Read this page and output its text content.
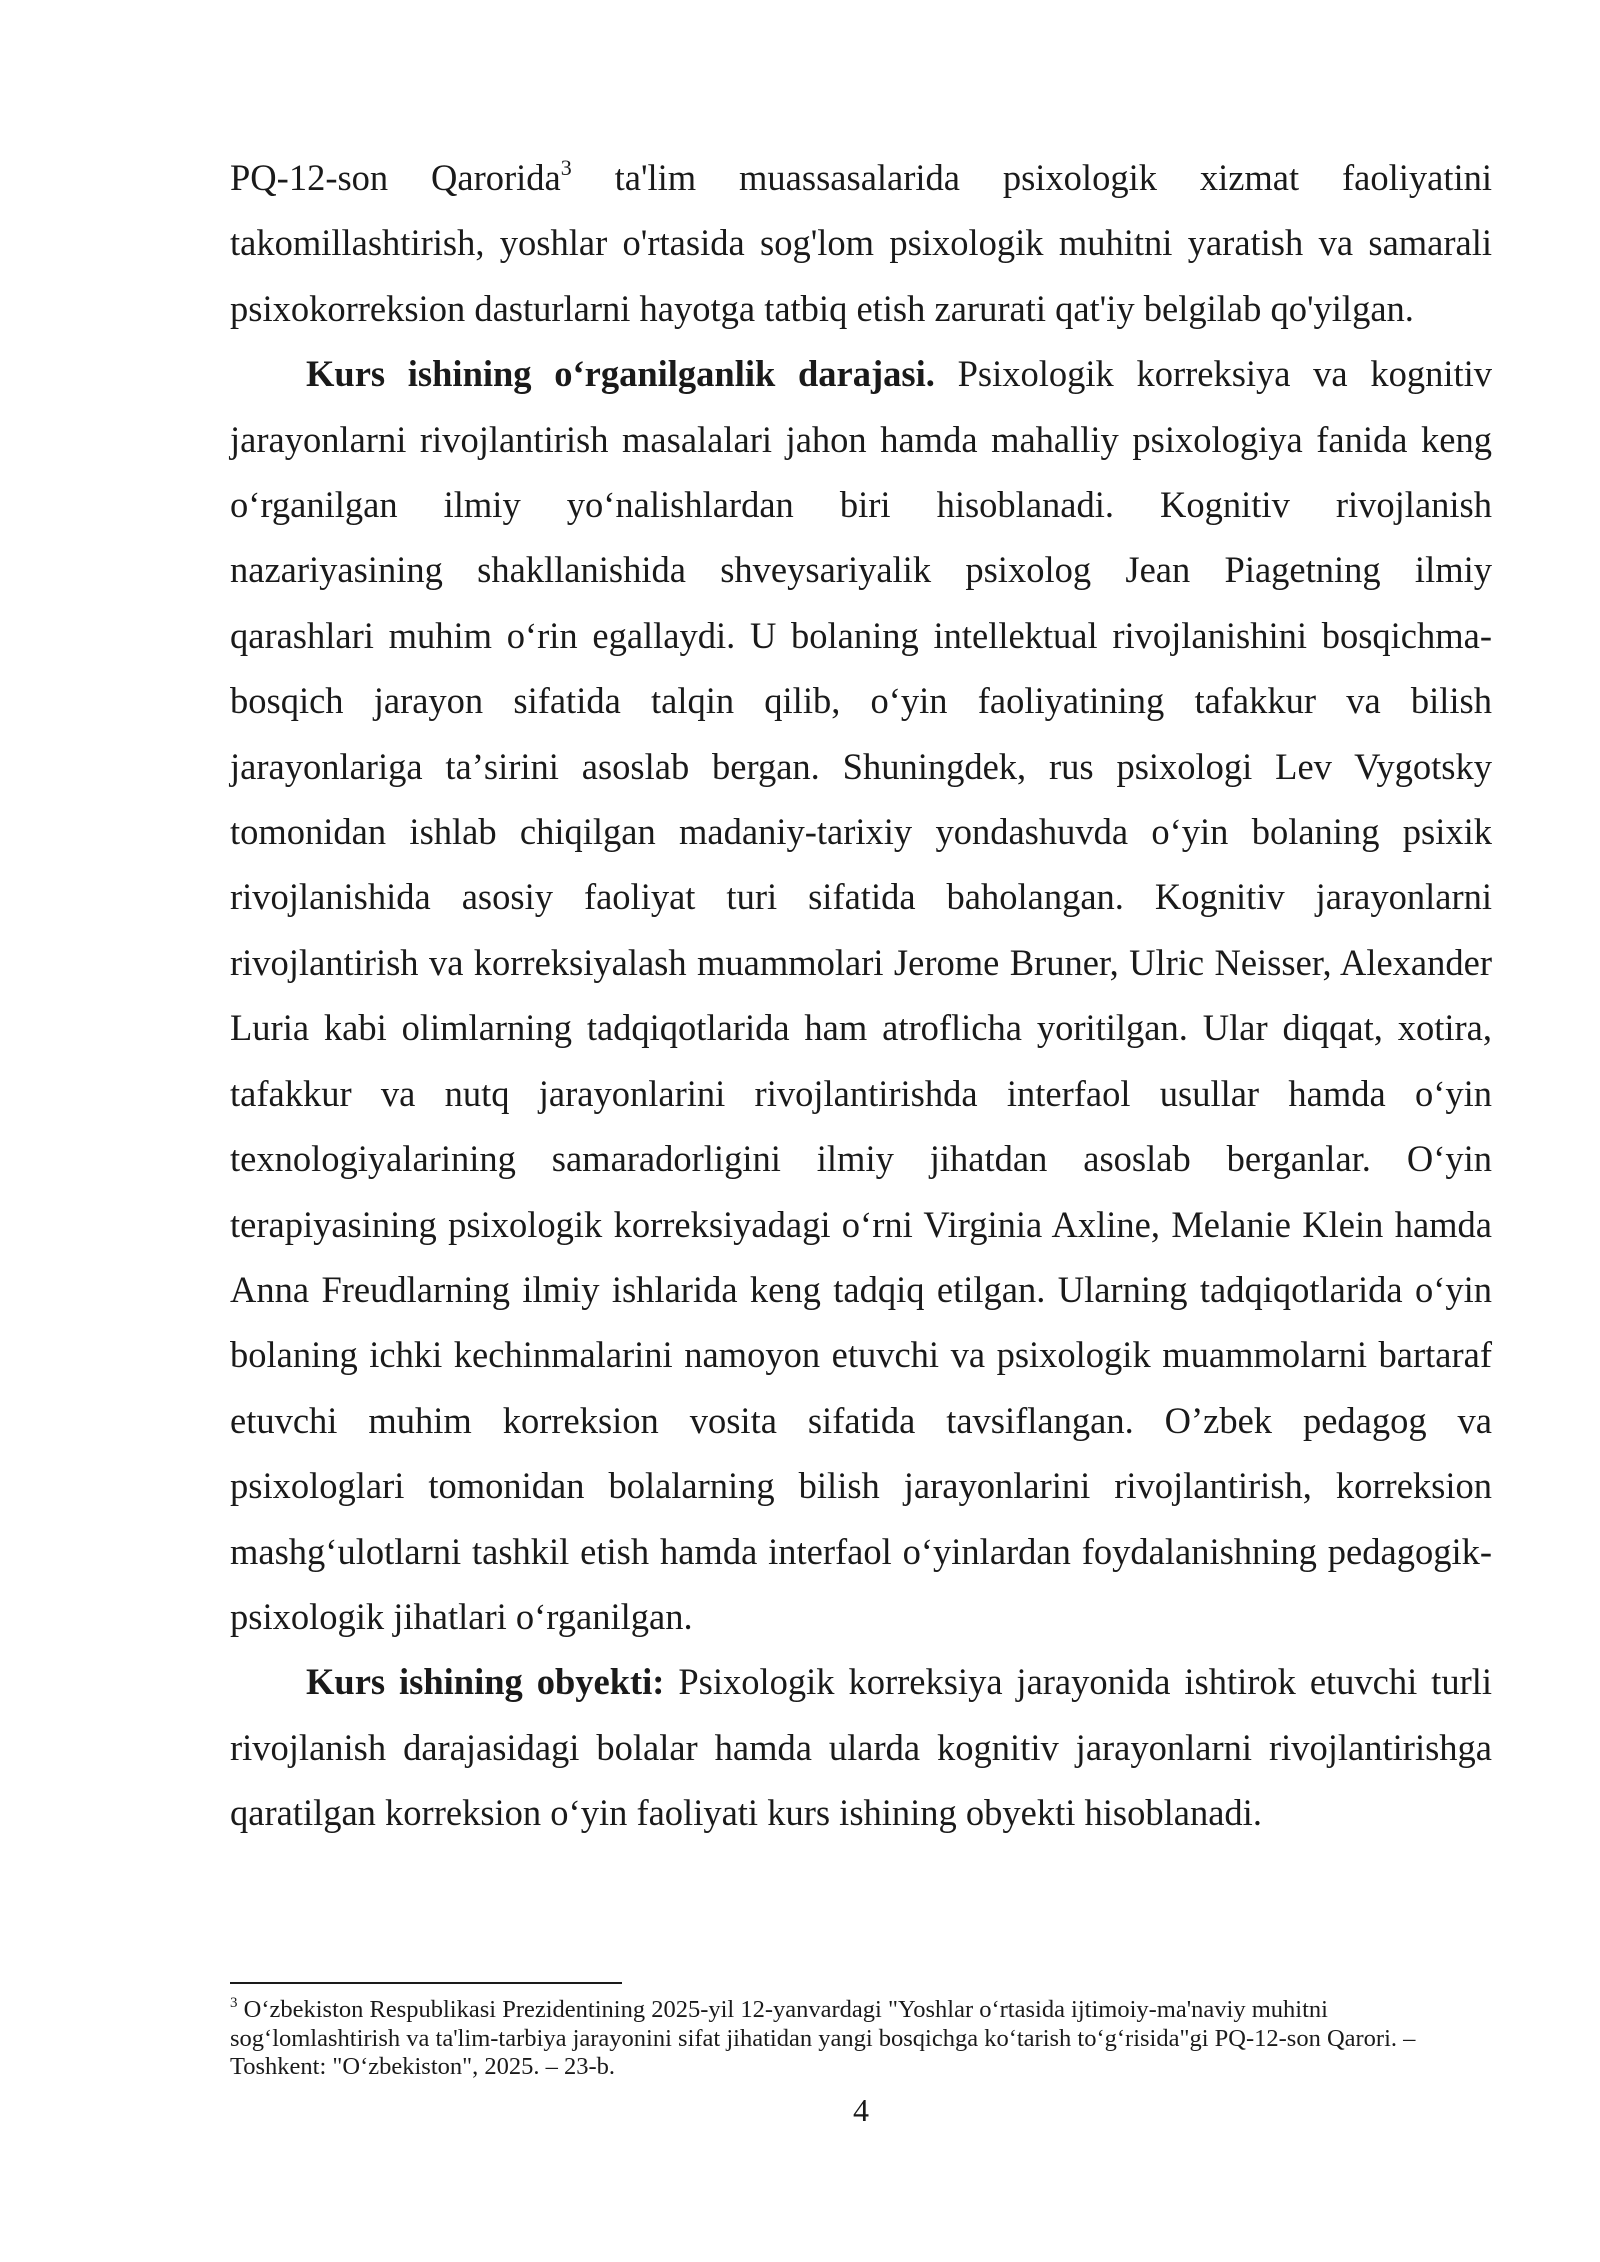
PQ-12-son Qarorida$^3$ ta'lim muassasalarida psixologik xizmat faoliyatini takomillashtirish, yoshlar o'rtasida sog'lom psixologik muhitni yaratish va samarali psixokorreksion dasturlarni hayotga tatbiq etish zarurati qat'iy belgilab qo'yilgan.

Kurs ishining oʻrganilganlik darajasi. Psixologik korreksiya va kognitiv jarayonlarni rivojlantirish masalalari jahon hamda mahalliy psixologiya fanida keng oʻrganilgan ilmiy yoʻnalishlardan biri hisoblanadi. Kognitiv rivojlanish nazariyasining shakllanishida shveysariyalik psixolog Jean Piagetning ilmiy qarashlari muhim oʻrin egallaydi. U bolaning intellektual rivojlanishini bosqichma-bosqich jarayon sifatida talqin qilib, oʻyin faoliyatining tafakkur va bilish jarayonlariga taʼsirini asoslab bergan. Shuningdek, rus psixologi Lev Vygotsky tomonidan ishlab chiqilgan madaniy-tarixiy yondashuvda oʻyin bolaning psixik rivojlanishida asosiy faoliyat turi sifatida baholangan. Kognitiv jarayonlarni rivojlantirish va korreksiyalash muammolari Jerome Bruner, Ulric Neisser, Alexander Luria kabi olimlarning tadqiqotlarida ham atroflicha yoritilgan. Ular diqqat, xotira, tafakkur va nutq jarayonlarini rivojlantirishda interfaol usullar hamda oʻyin texnologiyalarining samaradorligini ilmiy jihatdan asoslab berganlar. Oʻyin terapiyasining psixologik korreksiyadagi oʻrni Virginia Axline, Melanie Klein hamda Anna Freudlarning ilmiy ishlarida keng tadqiq etilgan. Ularning tadqiqotlarida oʻyin bolaning ichki kechinmalarini namoyon etuvchi va psixologik muammolarni bartaraf etuvchi muhim korreksion vosita sifatida tavsiflangan. O’zbek pedagog va psixologlari tomonidan bolalarning bilish jarayonlarini rivojlantirish, korreksion mashgʻulotlarni tashkil etish hamda interfaol oʻyinlardan foydalanishning pedagogik-psixologik jihatlari oʻrganilgan.

Kurs ishining obyekti: Psixologik korreksiya jarayonida ishtirok etuvchi turli rivojlanish darajasidagi bolalar hamda ularda kognitiv jarayonlarni rivojlantirishga qaratilgan korreksion oʻyin faoliyati kurs ishining obyekti hisoblanadi.

$^3$ Oʻzbekiston Respublikasi Prezidentining 2025-yil 12-yanvardagi "Yoshlar oʻrtasida ijtimoiy-ma'naviy muhitni sogʻlomlashtirish va ta'lim-tarbiya jarayonini sifat jihatidan yangi bosqichga koʻtarish toʻgʻrisida"gi PQ-12-son Qarori. – Toshkent: "Oʻzbekiston", 2025. – 23-b.

4
